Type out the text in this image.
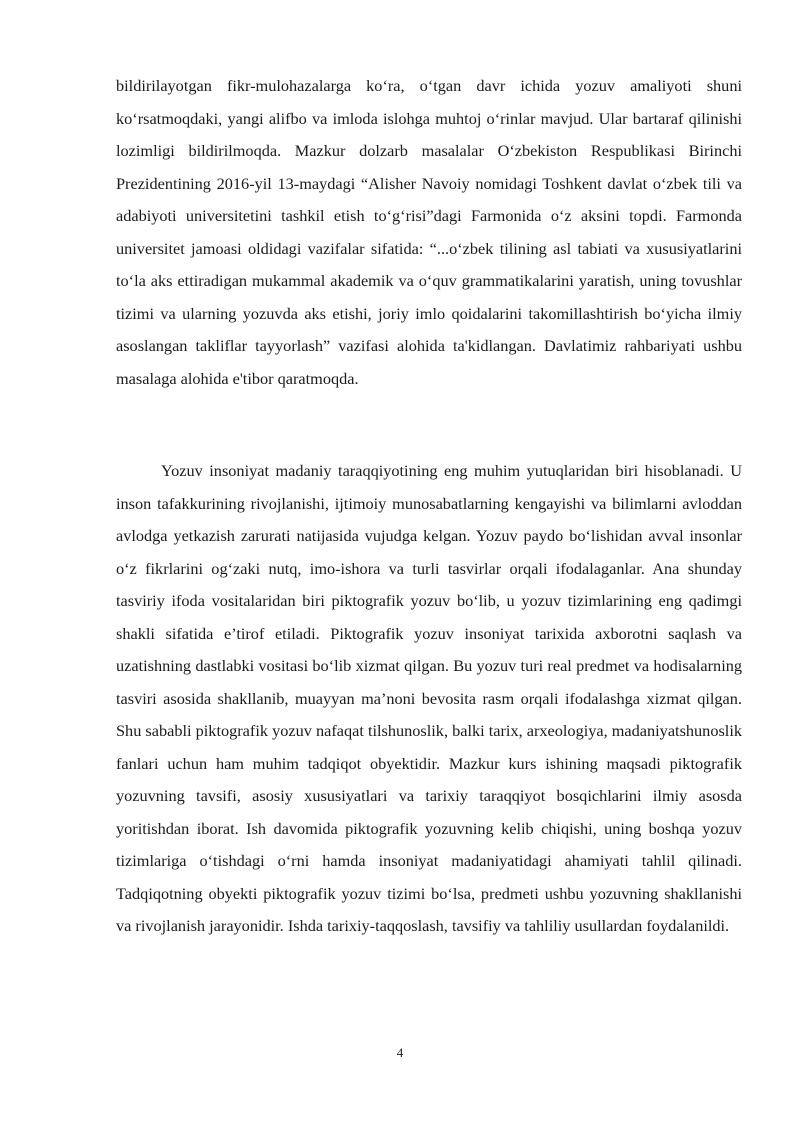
bildirilayotgan fikr-mulohazalarga ko‘ra, o‘tgan davr ichida yozuv amaliyoti shuni ko‘rsatmoqdaki, yangi alifbo va imloda islohga muhtoj o‘rinlar mavjud. Ular bartaraf qilinishi lozimligi bildirilmoqda. Mazkur dolzarb masalalar O‘zbekiston Respublikasi Birinchi Prezidentining 2016-yil 13-maydagi “Alisher Navoiy nomidagi Toshkent davlat o‘zbek tili va adabiyoti universitetini tashkil etish to‘g‘risi”dagi Farmonida o‘z aksini topdi. Farmonda universitet jamoasi oldidagi vazifalar sifatida: “...o‘zbek tilining asl tabiati va xususiyatlarini to‘la aks ettiradigan mukammal akademik va o‘quv grammatikalarini yaratish, uning tovushlar tizimi va ularning yozuvda aks etishi, joriy imlo qoidalarini takomillashtirish bo‘yicha ilmiy asoslangan takliflar tayyorlash” vazifasi alohida ta'kidlangan. Davlatimiz rahbariyati ushbu masalaga alohida e'tibor qaratmoqda.
Yozuv insoniyat madaniy taraqqiyotining eng muhim yutuqlaridan biri hisoblanadi. U inson tafakkurining rivojlanishi, ijtimoiy munosabatlarning kengayishi va bilimlarni avloddan avlodga yetkazish zarurati natijasida vujudga kelgan. Yozuv paydo bo‘lishidan avval insonlar o‘z fikrlarini og‘zaki nutq, imo-ishora va turli tasvirlar orqali ifodalaganlar. Ana shunday tasviriy ifoda vositalaridan biri piktografik yozuv bo‘lib, u yozuv tizimlarining eng qadimgi shakli sifatida e’tirof etiladi. Piktografik yozuv insoniyat tarixida axborotni saqlash va uzatishning dastlabki vositasi bo‘lib xizmat qilgan. Bu yozuv turi real predmet va hodisalarning tasviri asosida shakllanib, muayyan ma’noni bevosita rasm orqali ifodalashga xizmat qilgan. Shu sababli piktografik yozuv nafaqat tilshunoslik, balki tarix, arxeologiya, madaniyatshunoslik fanlari uchun ham muhim tadqiqot obyektidir. Mazkur kurs ishining maqsadi piktografik yozuvning tavsifi, asosiy xususiyatlari va tarixiy taraqqiyot bosqichlarini ilmiy asosda yoritishdan iborat. Ish davomida piktografik yozuvning kelib chiqishi, uning boshqa yozuv tizimlariga o‘tishdagi o‘rni hamda insoniyat madaniyatidagi ahamiyati tahlil qilinadi. Tadqiqotning obyekti piktografik yozuv tizimi bo‘lsa, predmeti ushbu yozuvning shakllanishi va rivojlanish jarayonidir. Ishda tarixiy-taqqoslash, tavsifiy va tahliliy usullardan foydalanildi.
4
